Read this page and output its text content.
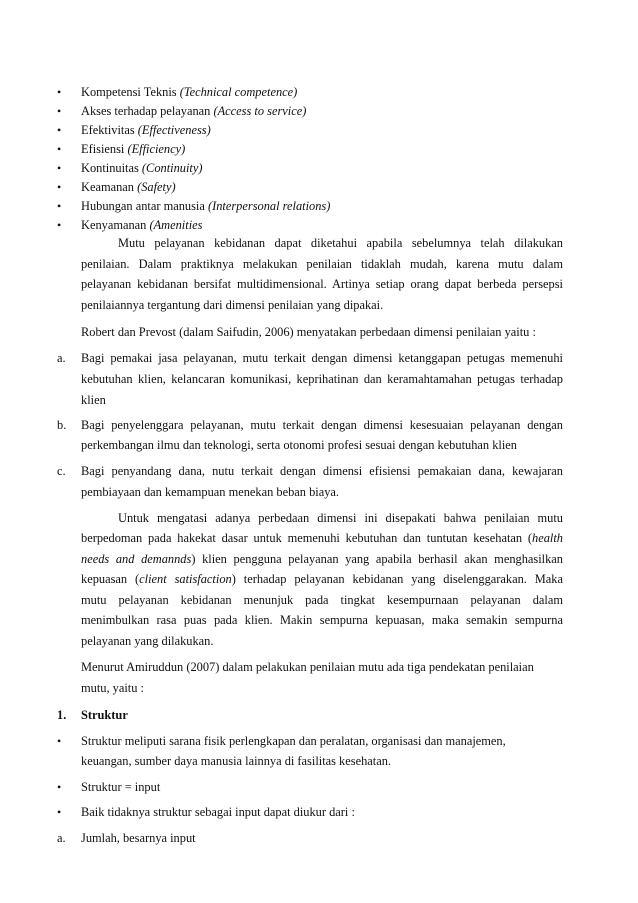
• Kompetensi Teknis (Technical competence)
• Akses terhadap pelayanan (Access to service)
• Efektivitas (Effectiveness)
• Efisiensi (Efficiency)
• Kontinuitas (Continuity)
• Keamanan (Safety)
• Hubungan antar manusia (Interpersonal relations)
• Kenyamanan (Amenities
Mutu pelayanan kebidanan dapat diketahui apabila sebelumnya telah dilakukan
penilaian. Dalam praktiknya melakukan penilaian tidaklah mudah, karena mutu dalam
pelayanan kebidanan bersifat multidimensional. Artinya setiap orang dapat berbeda persepsi
penilaiannya tergantung dari dimensi penilaian yang dipakai.
Robert dan Prevost (dalam Saifudin, 2006) menyatakan perbedaan dimensi penilaian yaitu :
a. Bagi pemakai jasa pelayanan, mutu terkait dengan dimensi ketanggapan petugas memenuhi
kebutuhan klien, kelancaran komunikasi, keprihatinan dan keramahtamahan petugas terhadap
klien
b. Bagi penyelenggara pelayanan, mutu terkait dengan dimensi kesesuaian pelayanan dengan
perkembangan ilmu dan teknologi, serta otonomi profesi sesuai dengan kebutuhan klien
c. Bagi penyandang dana, nutu terkait dengan dimensi efisiensi pemakaian dana, kewajaran
pembiayaan dan kemampuan menekan beban biaya.
Untuk mengatasi adanya perbedaan dimensi ini disepakati bahwa penilaian mutu
berpedoman pada hakekat dasar untuk memenuhi kebutuhan dan tuntutan kesehatan (health
needs and demannds) klien pengguna pelayanan yang apabila berhasil akan menghasilkan
kepuasan (client satisfaction) terhadap pelayanan kebidanan yang diselenggarakan. Maka
mutu pelayanan kebidanan menunjuk pada tingkat kesempurnaan pelayanan dalam
menimbulkan rasa puas pada klien. Makin sempurna kepuasan, maka semakin sempurna
pelayanan yang dilakukan.
Menurut Amiruddun (2007) dalam pelakukan penilaian mutu ada tiga pendekatan penilaian
mutu, yaitu :
1. Struktur
• Struktur meliputi sarana fisik perlengkapan dan peralatan, organisasi dan manajemen,
keuangan, sumber daya manusia lainnya di fasilitas kesehatan.
• Struktur = input
• Baik tidaknya struktur sebagai input dapat diukur dari :
a. Jumlah, besarnya input
